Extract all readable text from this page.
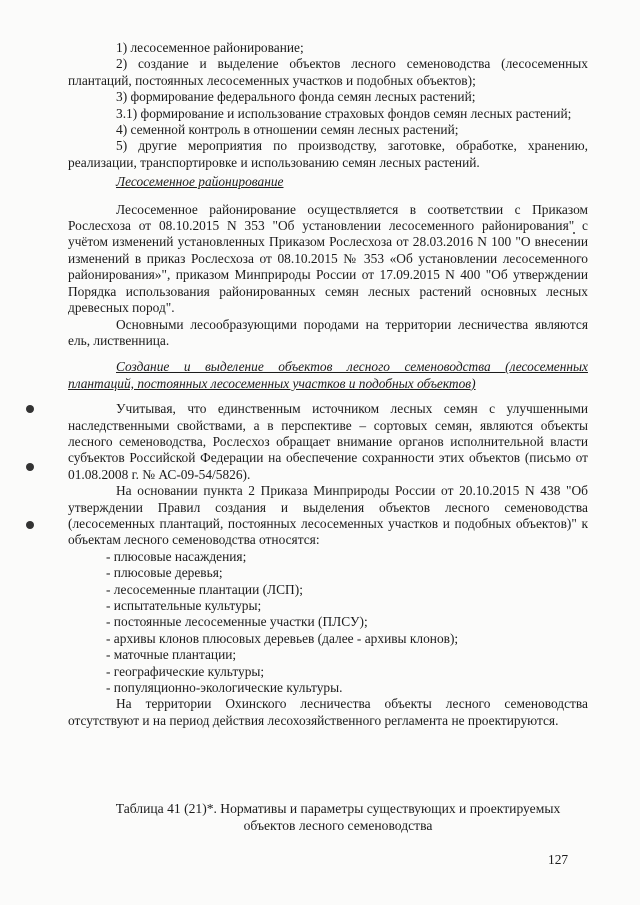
1) лесосеменное районирование;

2) создание и выделение объектов лесного семеноводства (лесосеменных плантаций, постоянных лесосеменных участков и подобных объектов);

3) формирование федерального фонда семян лесных растений;

3.1) формирование и использование страховых фондов семян лесных растений;

4) семенной контроль в отношении семян лесных растений;

5) другие мероприятия по производству, заготовке, обработке, хранению, реализации, транспортировке и использованию семян лесных растений.

Лесосеменное районирование

Лесосеменное районирование осуществляется в соответствии с Приказом Рослесхоза от 08.10.2015 N 353 "Об установлении лесосеменного районирования" с учётом изменений установленных Приказом Рослесхоза от 28.03.2016 N 100 "О внесении изменений в приказ Рослесхоза от 08.10.2015 № 353 «Об установлении лесосеменного районирования»", приказом Минприроды России от 17.09.2015 N 400 "Об утверждении Порядка использования районированных семян лесных растений основных лесных древесных пород".

Основными лесообразующими породами на территории лесничества являются ель, лиственница.

Создание и выделение объектов лесного семеноводства (лесосеменных плантаций, постоянных лесосеменных участков и подобных объектов)

Учитывая, что единственным источником лесных семян с улучшенными наследственными свойствами, а в перспективе – сортовых семян, являются объекты лесного семеноводства, Рослесхоз обращает внимание органов исполнительной власти субъектов Российской Федерации на обеспечение сохранности этих объектов (письмо от 01.08.2008 г. № АС-09-54/5826).

На основании пункта 2 Приказа Минприроды России от 20.10.2015 N 438 "Об утверждении Правил создания и выделения объектов лесного семеноводства (лесосеменных плантаций, постоянных лесосеменных участков и подобных объектов)" к объектам лесного семеноводства относятся:

- плюсовые насаждения;
- плюсовые деревья;
- лесосеменные плантации (ЛСП);
- испытательные культуры;
- постоянные лесосеменные участки (ПЛСУ);
- архивы клонов плюсовых деревьев (далее - архивы клонов);
- маточные плантации;
- географические культуры;
- популяционно-экологические культуры.

На территории Охинского лесничества объекты лесного семеноводства отсутствуют и на период действия лесохозяйственного регламента не проектируются.

Таблица 41 (21)*. Нормативы и параметры существующих и проектируемых
объектов лесного семеноводства
127
